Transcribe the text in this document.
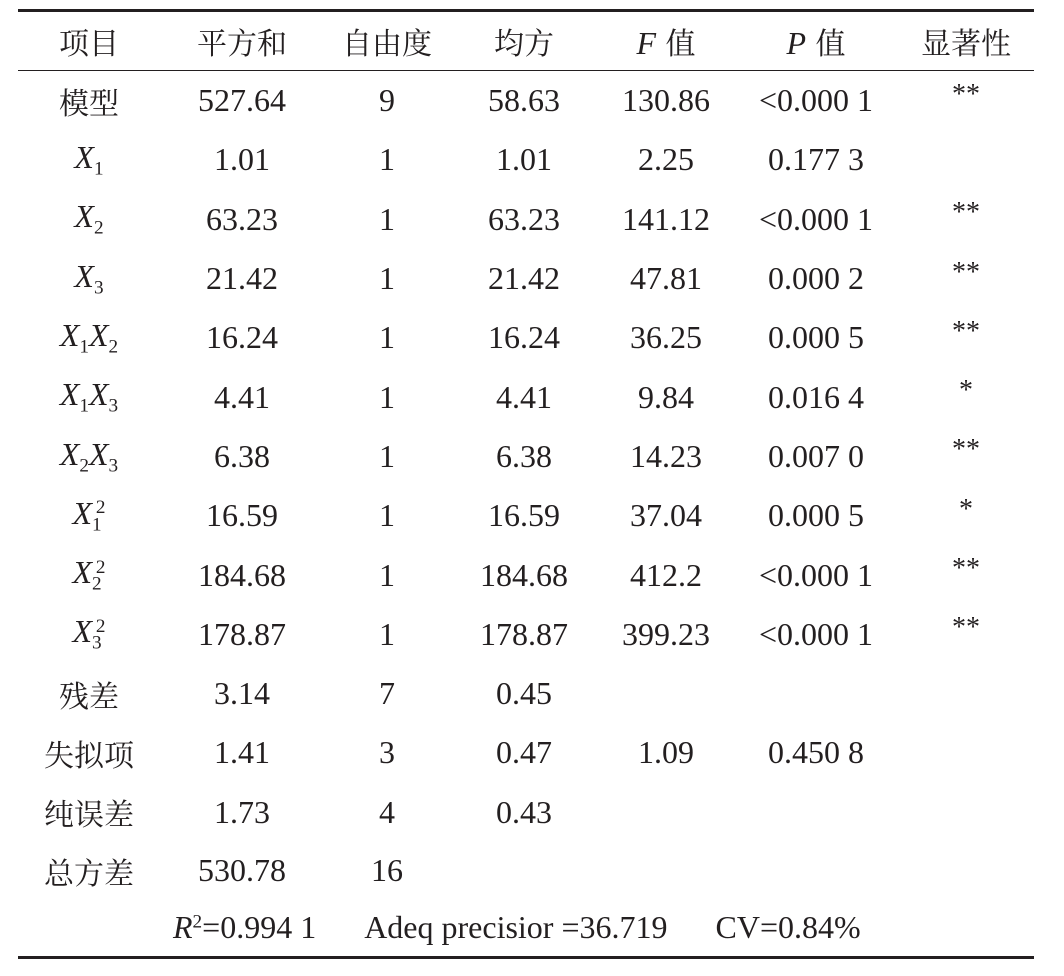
项目	平方和	自由度	均方	F 值	P 值	显著性
模型	527.64	9	58.63	130.86	<0.000 1	**
$X_1$	1.01	1	1.01	2.25	0.177 3	
$X_2$	63.23	1	63.23	141.12	<0.000 1	**
$X_3$	21.42	1	21.42	47.81	0.000 2	**
$X_1X_2$	16.24	1	16.24	36.25	0.000 5	**
$X_1X_3$	4.41	1	4.41	9.84	0.016 4	*
$X_2X_3$	6.38	1	6.38	14.23	0.007 0	**
$X_1^2$	16.59	1	16.59	37.04	0.000 5	*
$X_2^2$	184.68	1	184.68	412.2	<0.000 1	**
$X_3^2$	178.87	1	178.87	399.23	<0.000 1	**
残差	3.14	7	0.45			
失拟项	1.41	3	0.47	1.09	0.450 8	
纯误差	1.73	4	0.43			
总方差	530.78	16				
$R^2=0.994$ 1 Adeq precisior =36.719 CV=0.84%						
